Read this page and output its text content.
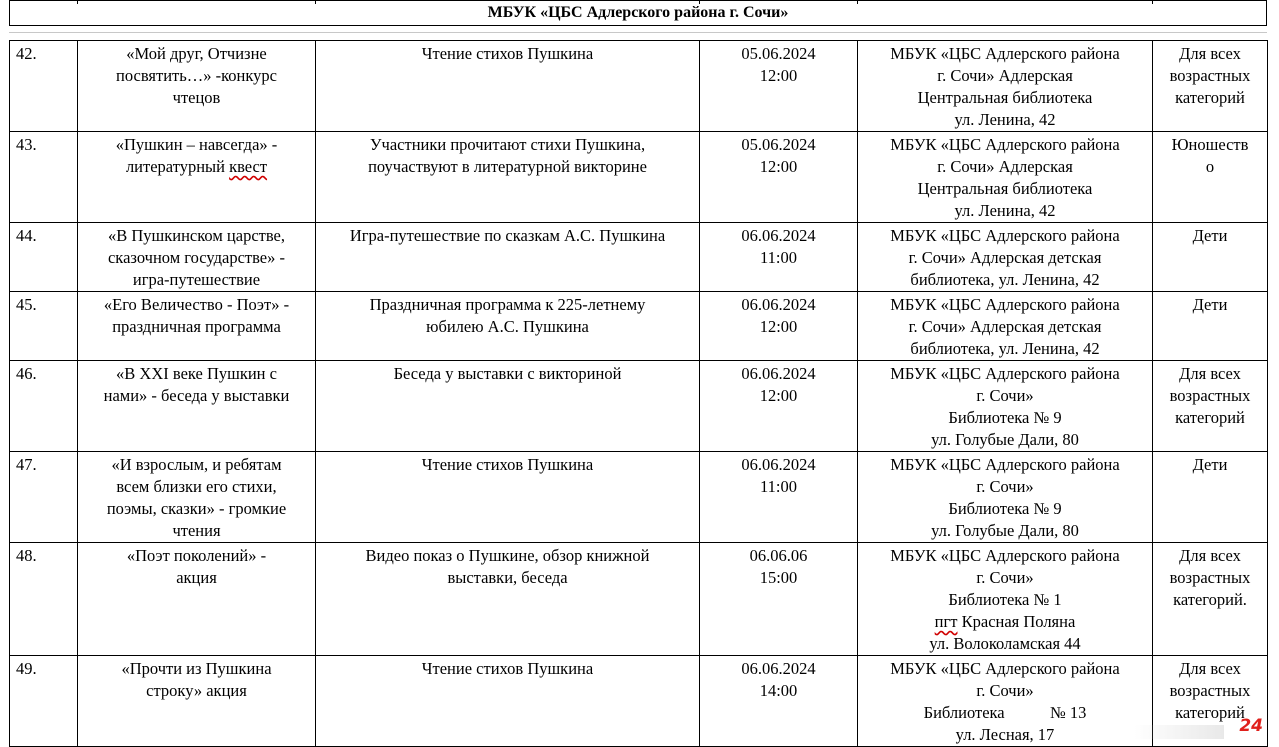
МБУК «ЦБС Адлерского района г. Сочи»
42.	«Мой друг, Отчизне
посвятить…» -конкурс
чтецов	Чтение стихов Пушкина	05.06.2024
12:00	МБУК «ЦБС Адлерского района
г. Сочи» Адлерская
Центральная библиотека
ул. Ленина, 42	Для всех
возрастных
категорий
43.	«Пушкин – навсегда» -
литературный квест	Участники прочитают стихи Пушкина,
поучаствуют в литературной викторине	05.06.2024
12:00	МБУК «ЦБС Адлерского района
г. Сочи» Адлерская
Центральная библиотека
ул. Ленина, 42	Юношеств
о
44.	«В Пушкинском царстве,
сказочном государстве» -
игра-путешествие	Игра-путешествие по сказкам А.С. Пушкина	06.06.2024
11:00	МБУК «ЦБС Адлерского района
г. Сочи» Адлерская детская
библиотека, ул. Ленина, 42	Дети
45.	«Его Величество - Поэт» -
праздничная программа	Праздничная программа к 225-летнему
юбилею А.С. Пушкина	06.06.2024
12:00	МБУК «ЦБС Адлерского района
г. Сочи» Адлерская детская
библиотека, ул. Ленина, 42	Дети
46.	«В XXI веке Пушкин с
нами» - беседа у выставки	Беседа у выставки с викториной	06.06.2024
12:00	МБУК «ЦБС Адлерского района
г. Сочи»
Библиотека № 9
ул. Голубые Дали, 80	Для всех
возрастных
категорий
47.	«И взрослым, и ребятам
всем близки его стихи,
поэмы, сказки» - громкие
чтения	Чтение стихов Пушкина	06.06.2024
11:00	МБУК «ЦБС Адлерского района
г. Сочи»
Библиотека № 9
ул. Голубые Дали, 80	Дети
48.	«Поэт поколений» -
акция	Видео показ о Пушкине, обзор книжной
выставки, беседа	06.06.06
15:00	МБУК «ЦБС Адлерского района
г. Сочи»
Библиотека № 1
пгт Красная Поляна
ул. Волоколамская 44	Для всех
возрастных
категорий.
49.	«Прочти из Пушкина
строку» акция	Чтение стихов Пушкина	06.06.2024
14:00	МБУК «ЦБС Адлерского района
г. Сочи»
Библиотека           № 13
ул. Лесная, 17	Для всех
возрастных
категорий
24
